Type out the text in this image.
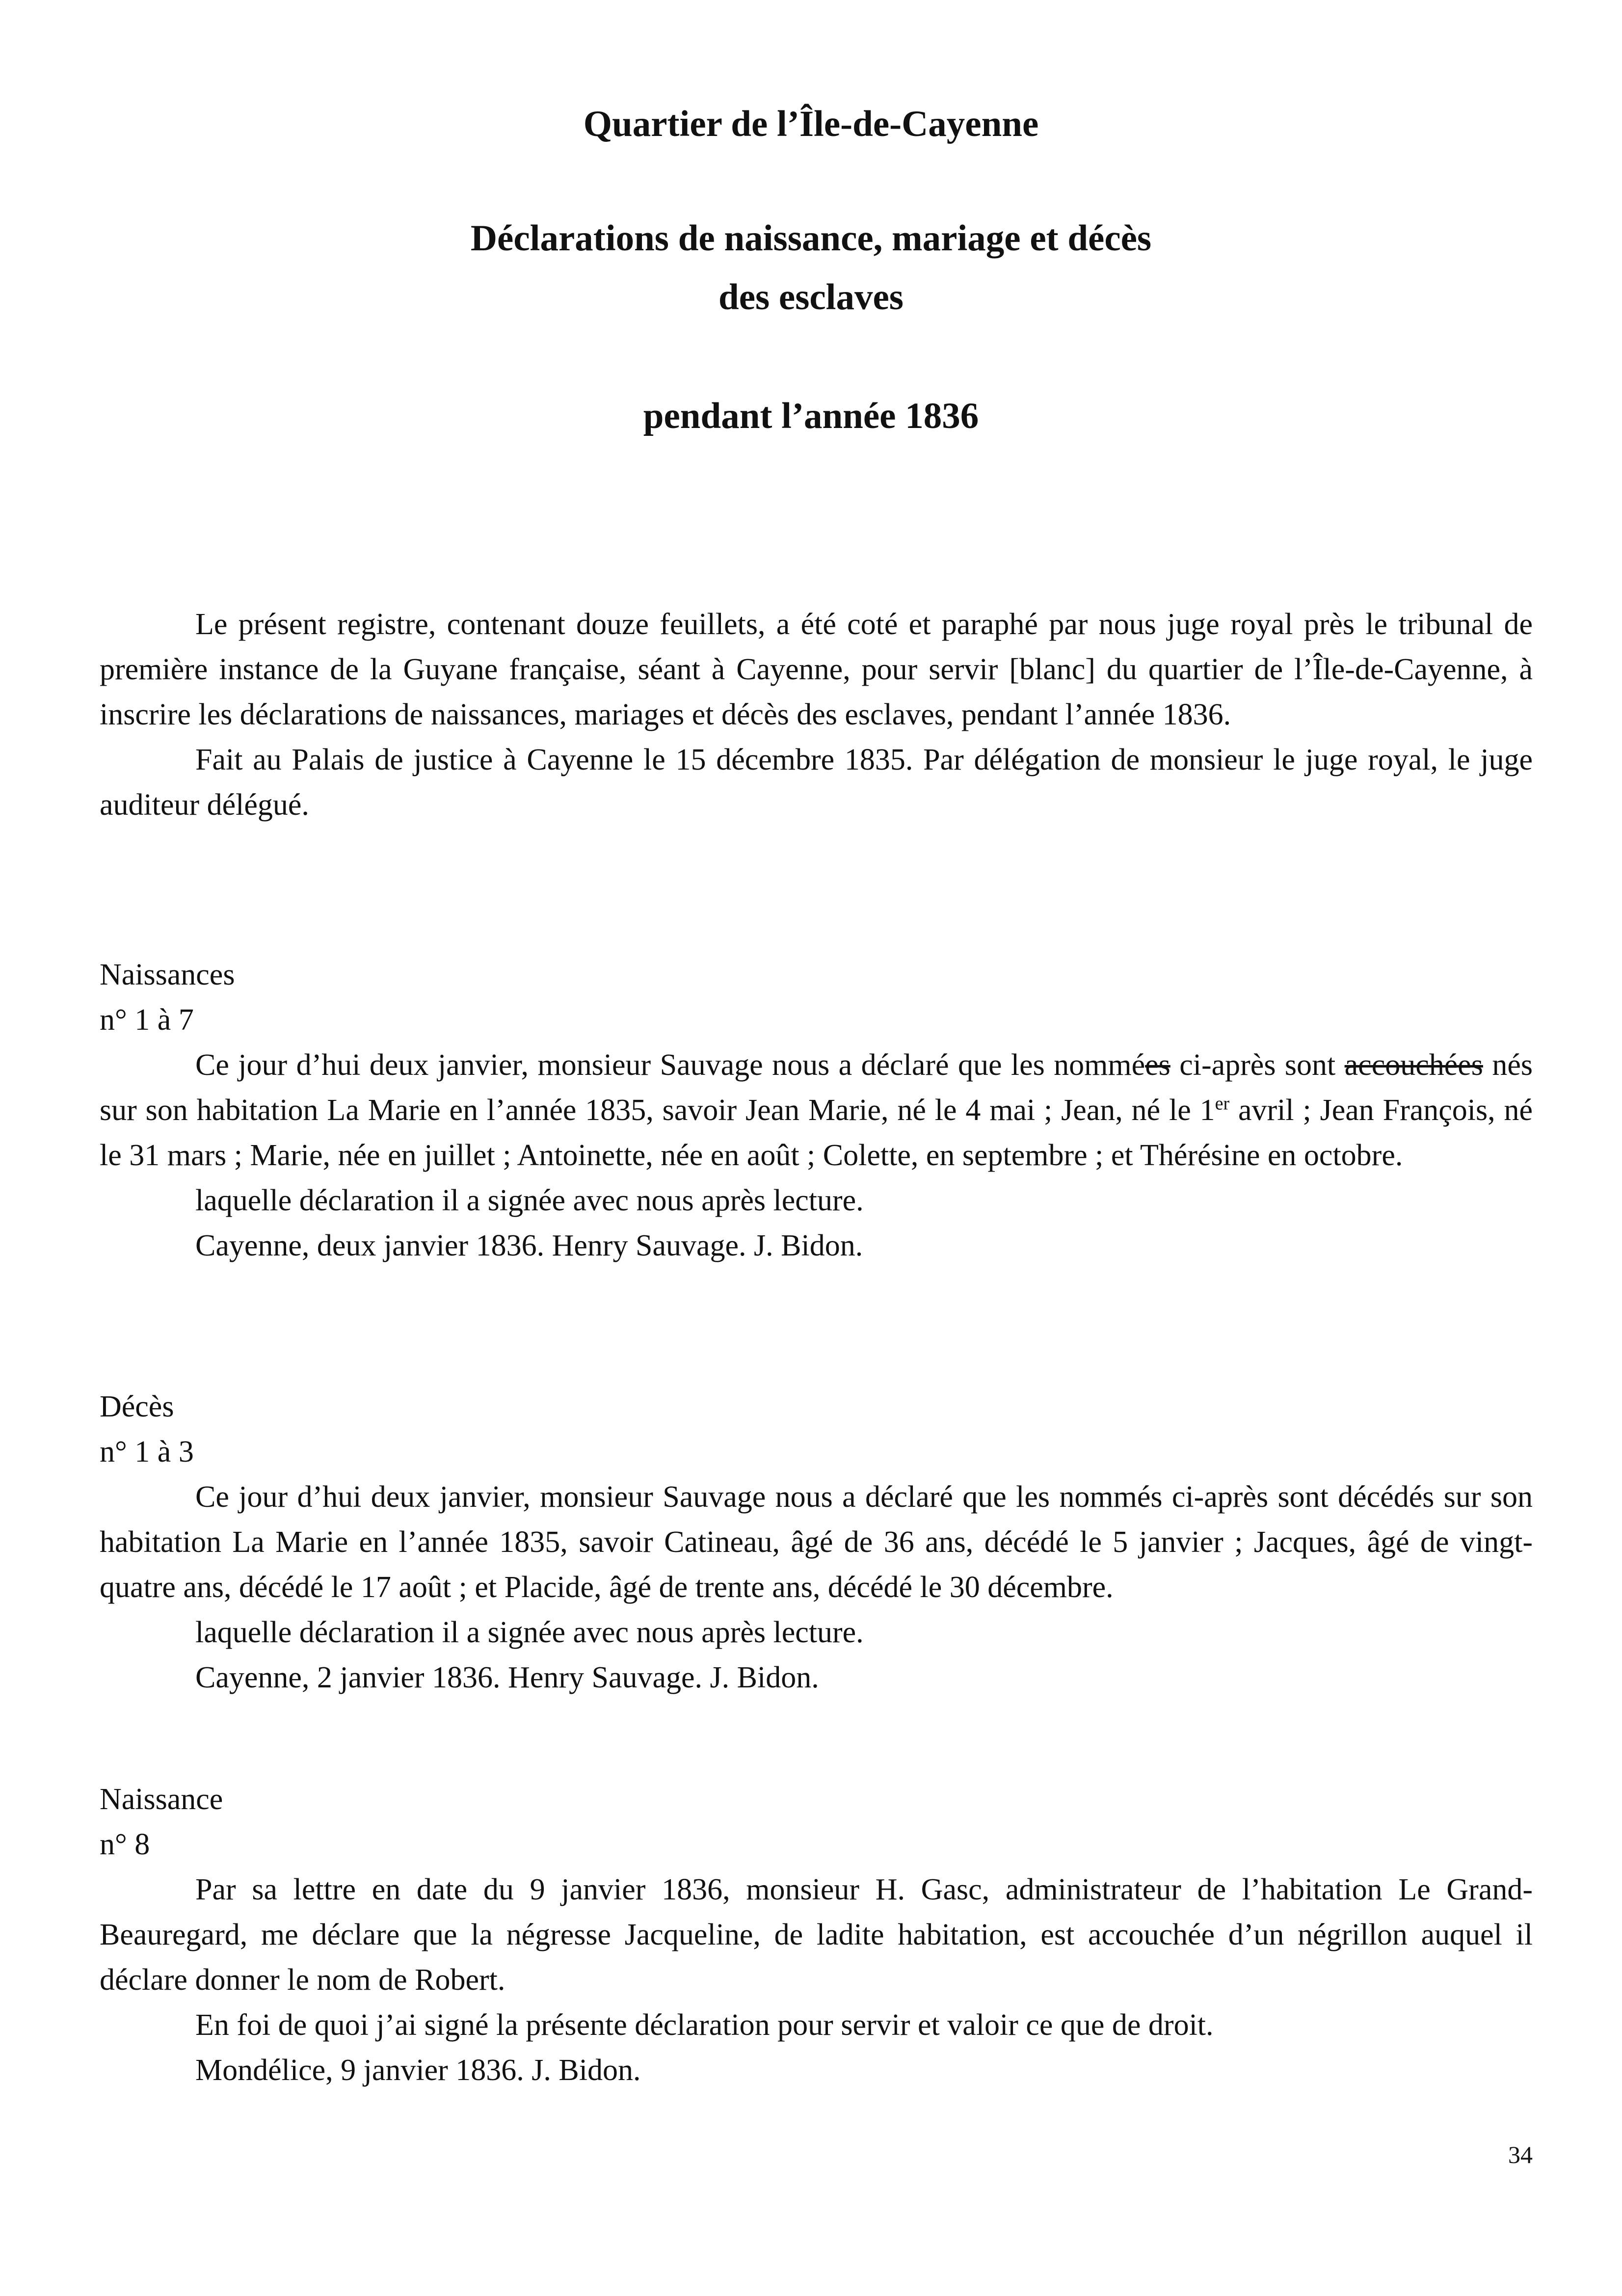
Quartier de l’Île-de-Cayenne
Déclarations de naissance, mariage et décès
des esclaves
pendant l’année 1836

Le présent registre, contenant douze feuillets, a été coté et paraphé par nous juge royal près le tribunal de première instance de la Guyane française, séant à Cayenne, pour servir [blanc] du quartier de l’Île-de-Cayenne, à inscrire les déclarations de naissances, mariages et décès des esclaves, pendant l’année 1836.

Fait au Palais de justice à Cayenne le 15 décembre 1835. Par délégation de monsieur le juge royal, le juge auditeur délégué.

Naissances

n° 1 à 7

Ce jour d’hui deux janvier, monsieur Sauvage nous a déclaré que les nommées ci-après sont accouchées nés sur son habitation La Marie en l’année 1835, savoir Jean Marie, né le 4 mai ; Jean, né le 1er avril ; Jean François, né le 31 mars ; Marie, née en juillet ; Antoinette, née en août ; Colette, en septembre ; et Thérésine en octobre.

laquelle déclaration il a signée avec nous après lecture.

Cayenne, deux janvier 1836. Henry Sauvage. J. Bidon.

Décès

n° 1 à 3

Ce jour d’hui deux janvier, monsieur Sauvage nous a déclaré que les nommés ci-après sont décédés sur son habitation La Marie en l’année 1835, savoir Catineau, âgé de 36 ans, décédé le 5 janvier ; Jacques, âgé de vingt-quatre ans, décédé le 17 août ; et Placide, âgé de trente ans, décédé le 30 décembre.

laquelle déclaration il a signée avec nous après lecture.

Cayenne, 2 janvier 1836. Henry Sauvage. J. Bidon.

Naissance

n° 8

Par sa lettre en date du 9 janvier 1836, monsieur H. Gasc, administrateur de l’habitation Le Grand-Beauregard, me déclare que la négresse Jacqueline, de ladite habitation, est accouchée d’un négrillon auquel il déclare donner le nom de Robert.

En foi de quoi j’ai signé la présente déclaration pour servir et valoir ce que de droit.

Mondélice, 9 janvier 1836. J. Bidon.

34
